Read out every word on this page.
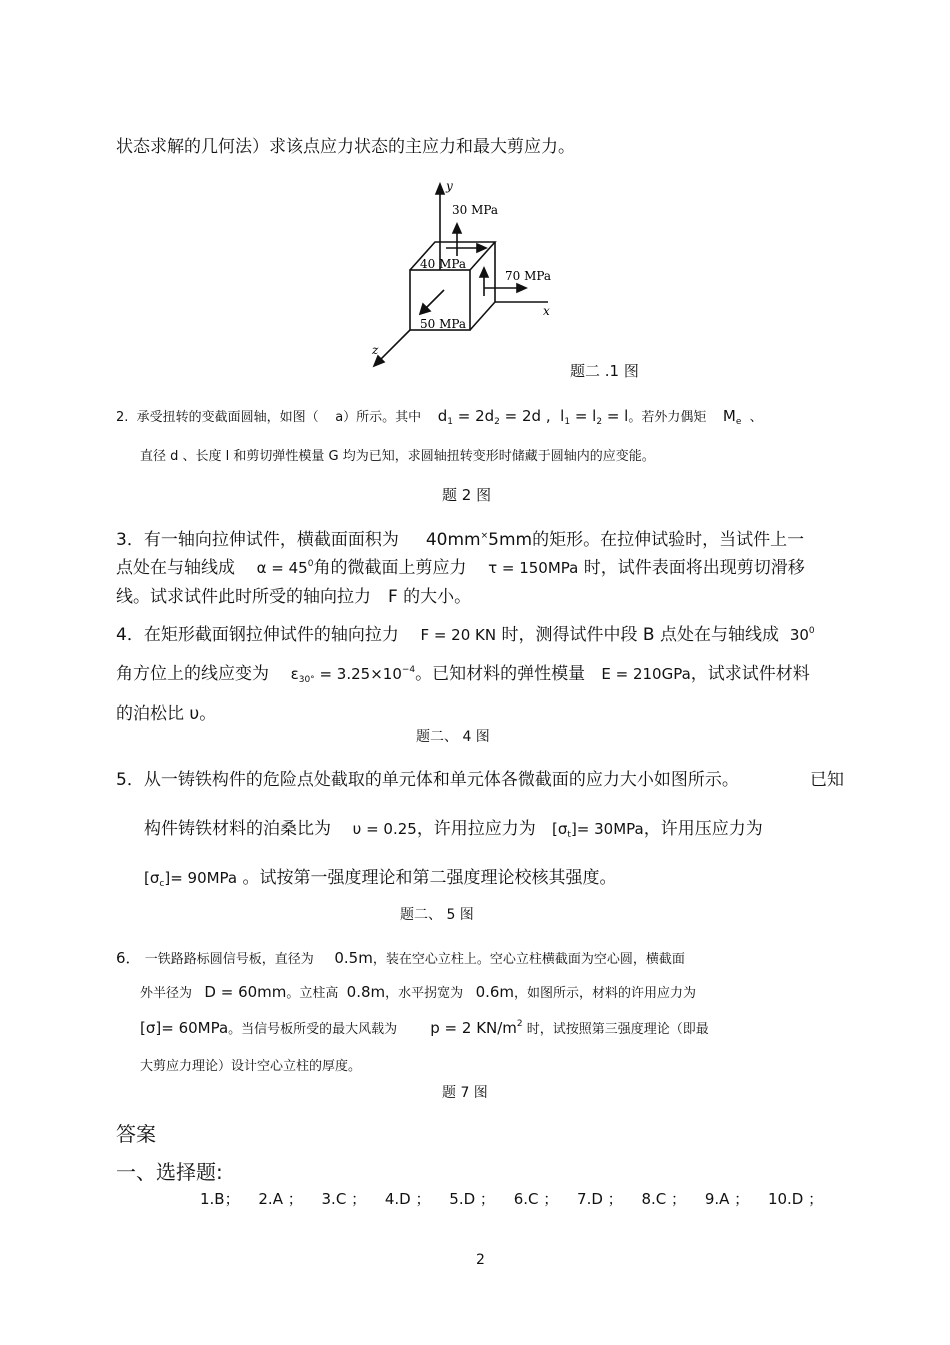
状态求解的几何法）求该点应力状态的主应力和最大剪应力。
y
x
z
30 MPa
40 MPa
70 MPa
50 MPa
题二 .1 图
2. 承受扭转的变截面圆轴，如图（ a）所示。其中 $d_1 = 2d_2 = 2d$ ,  $l_1 = l_2 = l$。若外力偶矩 $M_e$ 、
直径 d 、长度 l 和剪切弹性模量 G 均为已知，求圆轴扭转变形时储藏于圆轴内的应变能。
题 2 图
3．有一轴向拉伸试件，横截面面积为 40mm×5mm的矩形。在拉伸试验时，当试件上一
点处在与轴线成 $\alpha = 45^0$角的微截面上剪应力 τ = 150MPa 时，试件表面将出现剪切滑移
线。试求试件此时所受的轴向拉力　F 的大小。
4．在矩形截面钢拉伸试件的轴向拉力 F = 20 KN 时，测得试件中段 B 点处在与轴线成 $30^0$
角方位上的线应变为 $\varepsilon_{30^\circ} = 3.25\times 10^{-4}$。已知材料的弹性模量 E = 210GPa，试求试件材料
的泊松比 υ。
题二、 4 图
5．从一铸铁构件的危险点处截取的单元体和单元体各微截面的应力大小如图所示。	已知
构件铸铁材料的泊桑比为 υ = 0.25，许用拉应力为 $[\sigma_t]= 30MPa$，许用压应力为
$[\sigma_c]= 90MPa$ 。试按第一强度理论和第二强度理论校核其强度。
题二、 5 图
6． 一铁路路标圆信号板，直径为 0.5m，装在空心立柱上。空心立柱横截面为空心圆，横截面
外半径为 D = 60mm。立柱高 0.8m，水平拐宽为 0.6m，如图所示，材料的许用应力为
[σ]= 60MPa。当信号板所受的最大风载为 p = 2 $KN/m^2$ 时，试按照第三强度理论（即最
大剪应力理论）设计空心立柱的厚度。
题 7 图
答案
一、选择题:
1.B； 2.A ； 3.C ； 4.D ； 5.D ； 6.C ； 7.D ； 8.C ； 9.A ； 10.D ；
2
